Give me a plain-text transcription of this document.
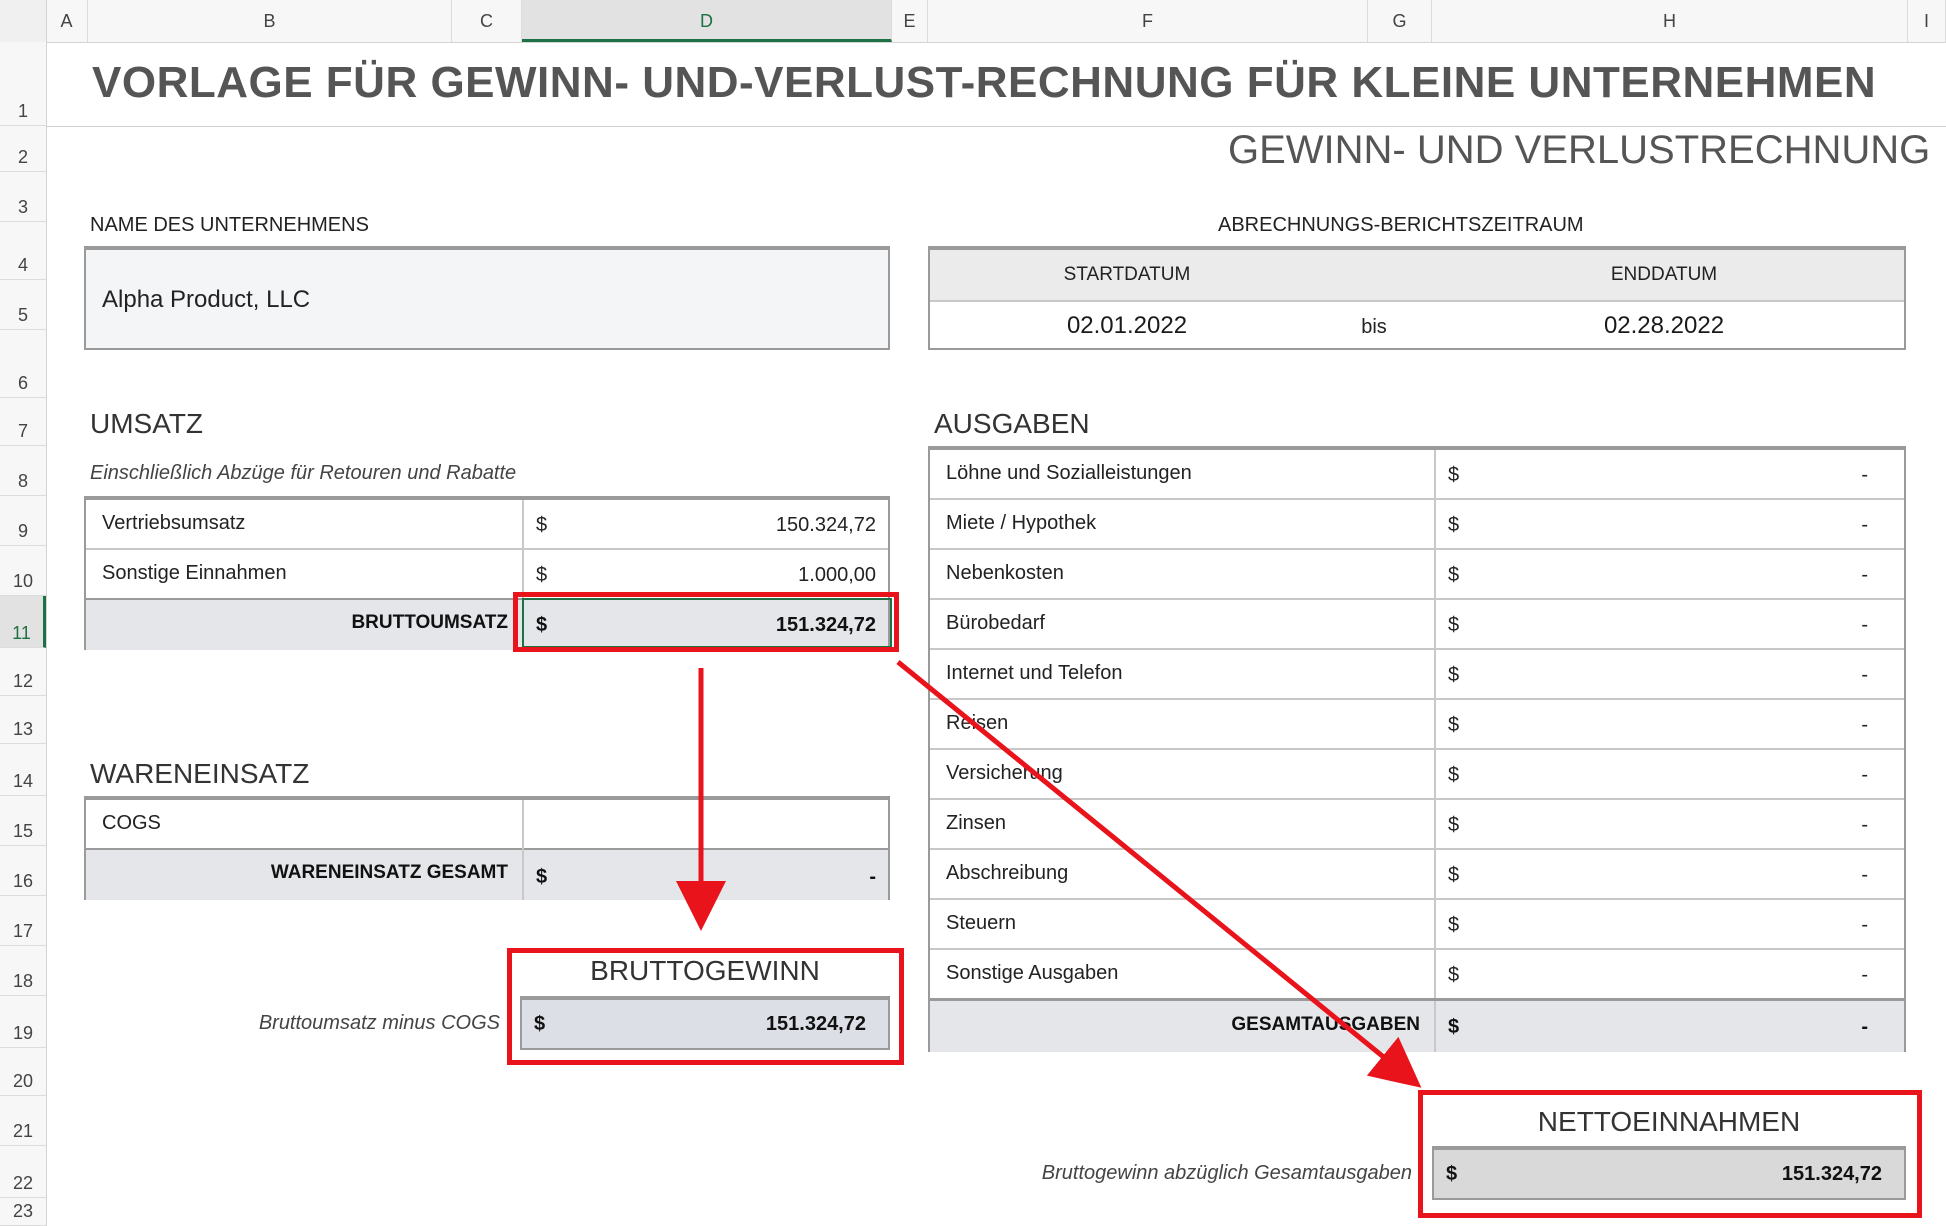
A	B	C	D	E	F	G	H	I
1
2
3
4
5
6
7
8
9
10
11
12
13
14
15
16
17
18
19
20
21
22
23
VORLAGE FÜR GEWINN- UND-VERLUST-RECHNUNG FÜR KLEINE UNTERNEHMEN
GEWINN- UND VERLUSTRECHNUNG
NAME DES UNTERNEHMENS
Alpha Product, LLC
ABRECHNUNGS-BERICHTSZEITRAUM
STARTDATUM	ENDDATUM
02.01.2022	bis	02.28.2022
UMSATZ
Einschließlich Abzüge für Retouren und Rabatte
Vertriebsumsatz	$	150.324,72
Sonstige Einnahmen	$	1.000,00
BRUTTOUMSATZ $	151.324,72
WARENEINSATZ
COGS
WARENEINSATZ GESAMT $	-
BRUTTOGEWINN
Bruttoumsatz minus COGS $	151.324,72
AUSGABEN
Löhne und Sozialleistungen	$	-
Miete / Hypothek	$	-
Nebenkosten	$	-
Bürobedarf	$	-
Internet und Telefon	$	-
Reisen	$	-
Versicherung	$	-
Zinsen	$	-
Abschreibung	$	-
Steuern	$	-
Sonstige Ausgaben	$	-
GESAMTAUSGABEN $	-
NETTOEINNAHMEN
Bruttogewinn abzüglich Gesamtausgaben $	151.324,72
